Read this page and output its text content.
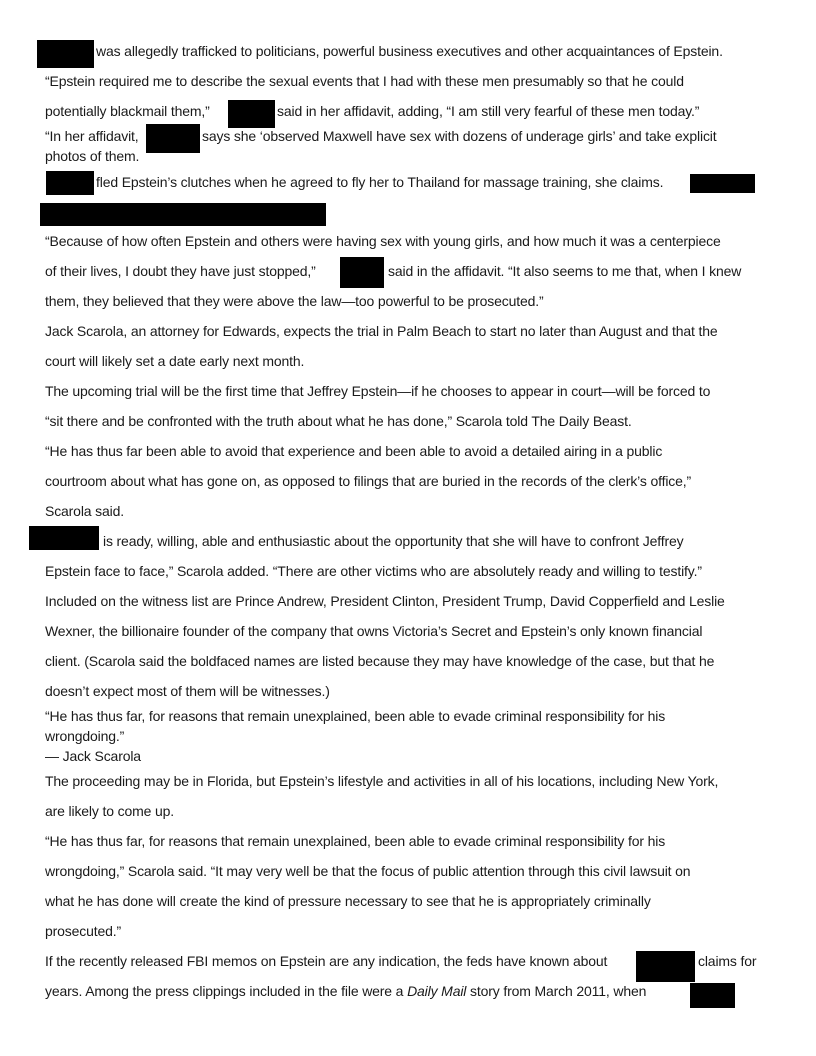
was allegedly trafficked to politicians, powerful business executives and other acquaintances of Epstein.
“Epstein required me to describe the sexual events that I had with these men presumably so that he could
potentially blackmail them,”	said in her affidavit, adding, “I am still very fearful of these men today.”
“In her affidavit,	says she ‘observed Maxwell have sex with dozens of underage girls’ and take explicit
photos of them.
fled Epstein’s clutches when he agreed to fly her to Thailand for massage training, she claims.
“Because of how often Epstein and others were having sex with young girls, and how much it was a centerpiece
of their lives, I doubt they have just stopped,”	said in the affidavit. “It also seems to me that, when I knew
them, they believed that they were above the law—too powerful to be prosecuted.”
Jack Scarola, an attorney for Edwards, expects the trial in Palm Beach to start no later than August and that the
court will likely set a date early next month.
The upcoming trial will be the first time that Jeffrey Epstein—if he chooses to appear in court—will be forced to
“sit there and be confronted with the truth about what he has done,” Scarola told The Daily Beast.
“He has thus far been able to avoid that experience and been able to avoid a detailed airing in a public
courtroom about what has gone on, as opposed to filings that are buried in the records of the clerk’s office,”
Scarola said.
is ready, willing, able and enthusiastic about the opportunity that she will have to confront Jeffrey
Epstein face to face,” Scarola added. “There are other victims who are absolutely ready and willing to testify.”
Included on the witness list are Prince Andrew, President Clinton, President Trump, David Copperfield and Leslie
Wexner, the billionaire founder of the company that owns Victoria’s Secret and Epstein’s only known financial
client. (Scarola said the boldfaced names are listed because they may have knowledge of the case, but that he
doesn’t expect most of them will be witnesses.)
“He has thus far, for reasons that remain unexplained, been able to evade criminal responsibility for his
wrongdoing.”
— Jack Scarola
The proceeding may be in Florida, but Epstein’s lifestyle and activities in all of his locations, including New York,
are likely to come up.
“He has thus far, for reasons that remain unexplained, been able to evade criminal responsibility for his
wrongdoing,” Scarola said. “It may very well be that the focus of public attention through this civil lawsuit on
what he has done will create the kind of pressure necessary to see that he is appropriately criminally
prosecuted.”
If the recently released FBI memos on Epstein are any indication, the feds have known about	claims for
years. Among the press clippings included in the file were a Daily Mail story from March 2011, when
